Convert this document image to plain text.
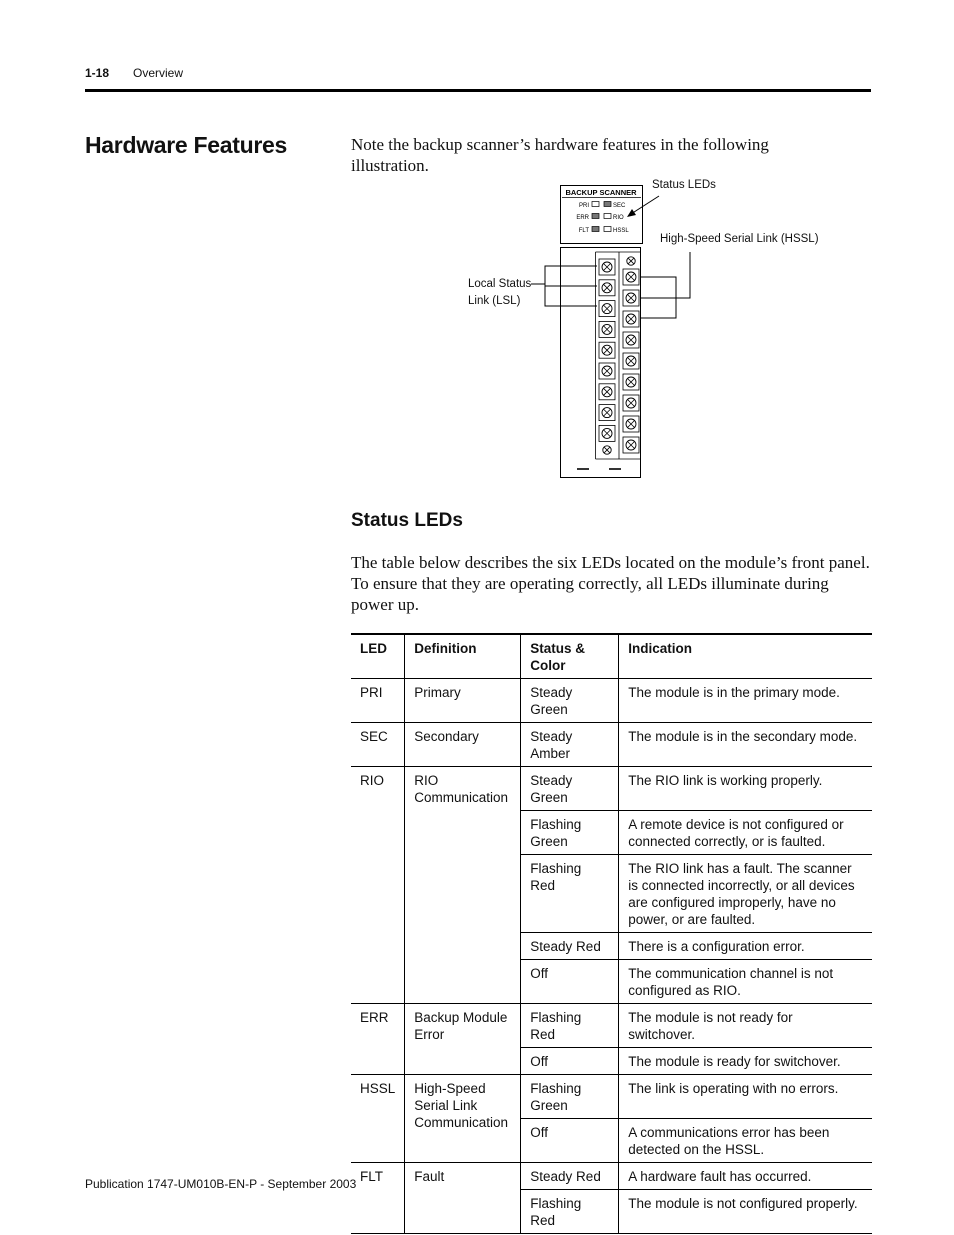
1-18 Overview
Hardware Features	Note the backup scanner’s hardware features in the following illustration.
BACKUP SCANNER
PRI	SEC
ERR	RIO
FLT	HSSL
Status LEDs
High-Speed Serial Link (HSSL)
Local Status
Link (LSL)
Status LEDs
The table below describes the six LEDs located on the module’s front panel. To ensure that they are operating correctly, all LEDs illuminate during power up.
LED	Definition	Status & Color	Indication
PRI	Primary	Steady Green	The module is in the primary mode.
SEC	Secondary	Steady Amber	The module is in the secondary mode.
RIO	RIO Communication	Steady Green	The RIO link is working properly.
		Flashing Green	A remote device is not configured or connected correctly, or is faulted.
		Flashing Red	The RIO link has a fault. The scanner is connected incorrectly, or all devices are configured improperly, have no power, or are faulted.
		Steady Red	There is a configuration error.
		Off	The communication channel is not configured as RIO.
ERR	Backup Module Error	Flashing Red	The module is not ready for switchover.
		Off	The module is ready for switchover.
HSSL	High-Speed Serial Link Communication	Flashing Green	The link is operating with no errors.
		Off	A communications error has been detected on the HSSL.
FLT	Fault	Steady Red	A hardware fault has occurred.
		Flashing Red	The module is not configured properly.
Publication 1747-UM010B-EN-P - September 2003
